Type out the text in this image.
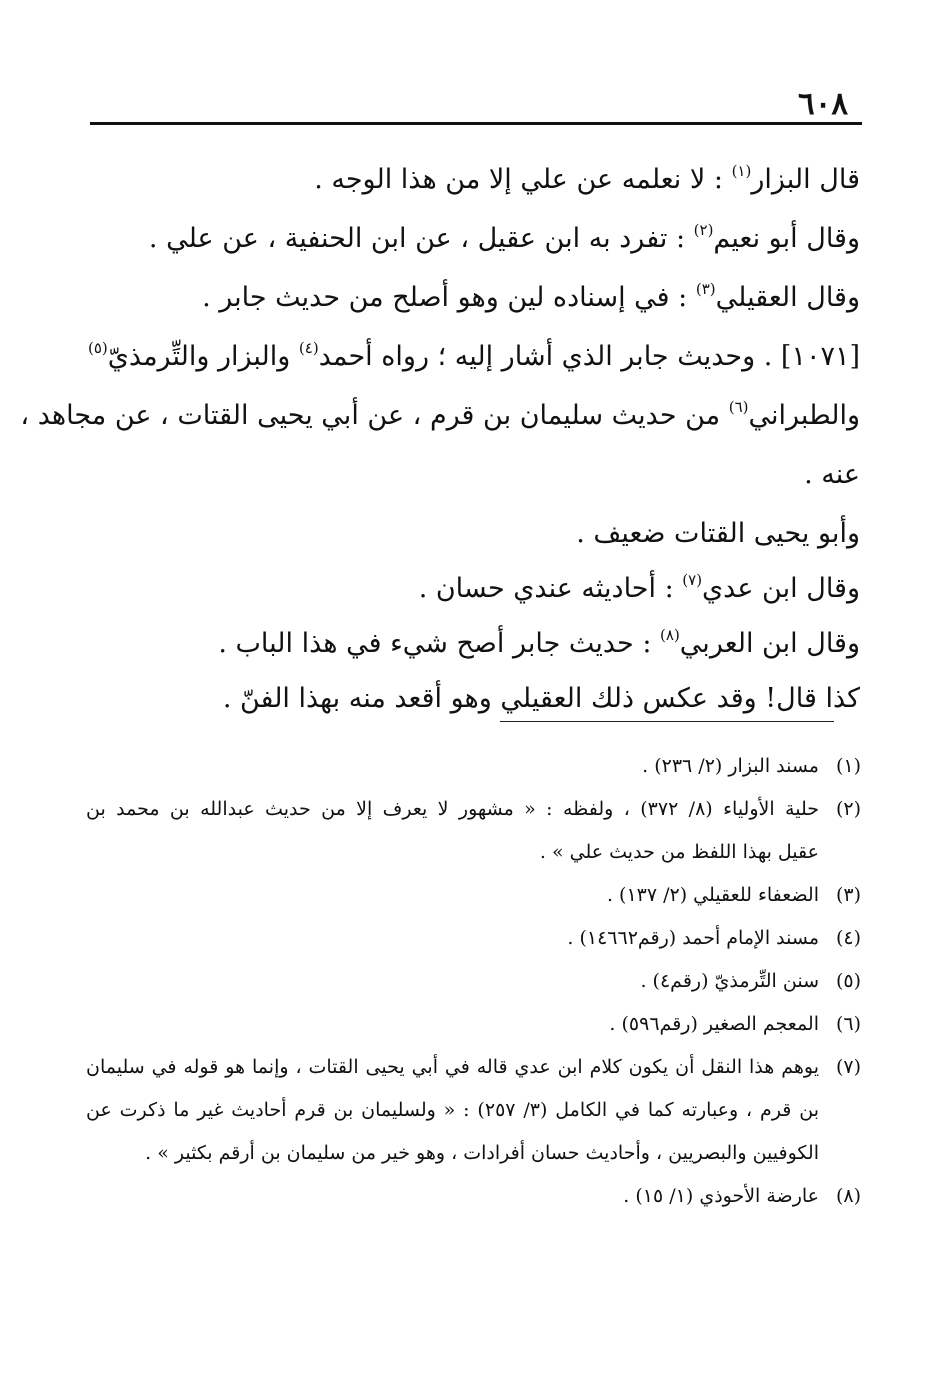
٦٠٨
قال البزار$^{(١)}$ : لا نعلمه عن علي إلا من هذا الوجه .
وقال أبو نعيم$^{(٢)}$ : تفرد به ابن عقيل ، عن ابن الحنفية ، عن علي .
وقال العقيلي$^{(٣)}$ : في إسناده لين وهو أصلح من حديث جابر .
[١٠٧١] . وحديث جابر الذي أشار إليه ؛ رواه أحمد$^{(٤)}$ والبزار والتِّرمذيّ$^{(٥)}$
والطبراني$^{(٦)}$ من حديث سليمان بن قرم ، عن أبي يحيى القتات ، عن مجاهد ،
عنه .
وأبو يحيى القتات ضعيف .
وقال ابن عدي$^{(٧)}$ : أحاديثه عندي حسان .
وقال ابن العربي$^{(٨)}$ : حديث جابر أصح شيء في هذا الباب .
كذا قال! وقد عكس ذلك العقيلي وهو أقعد منه بهذا الفنّ .
(١)
مسند البزار (٢/ ٢٣٦) .
(٢)
حلية الأولياء (٨/ ٣٧٢) ، ولفظه : « مشهور لا يعرف إلا من حديث عبدالله بن محمد بن
عقيل بهذا اللفظ من حديث علي » .
(٣)
الضعفاء للعقيلي (٢/ ١٣٧) .
(٤)
مسند الإمام أحمد (رقم١٤٦٦٢) .
(٥)
سنن التِّرمذيّ (رقم٤) .
(٦)
المعجم الصغير (رقم٥٩٦) .
(٧)
يوهم هذا النقل أن يكون كلام ابن عدي قاله في أبي يحيى القتات ، وإنما هو قوله في سليمان
بن قرم ، وعبارته كما في الكامل (٣/ ٢٥٧) : « ولسليمان بن قرم أحاديث غير ما ذكرت عن
الكوفيين والبصريين ، وأحاديث حسان أفرادات ، وهو خير من سليمان بن أرقم بكثير » .
(٨)
عارضة الأحوذي (١/ ١٥) .
